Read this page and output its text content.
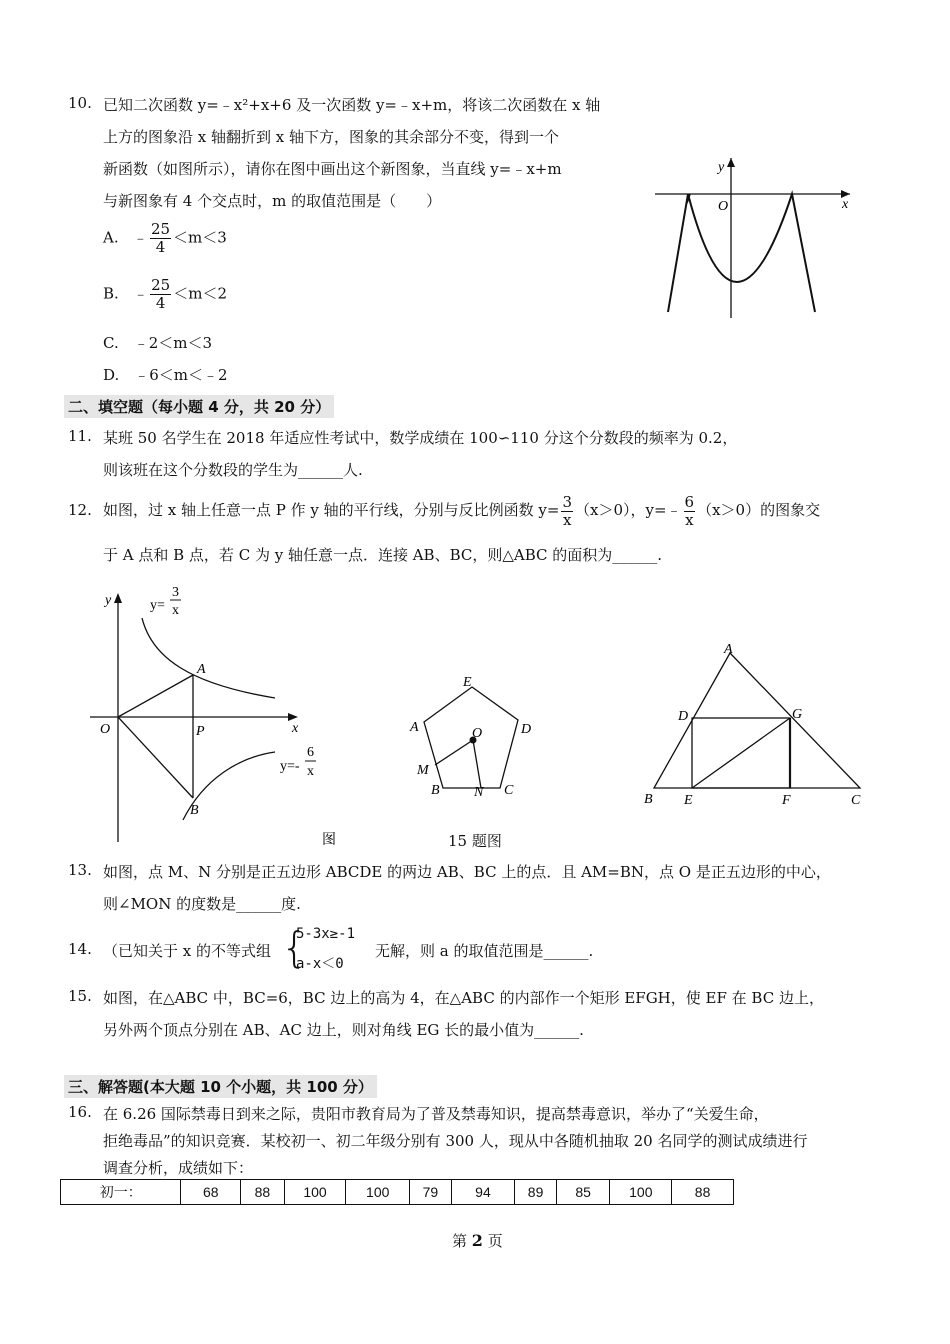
10. 已知二次函数 y=﹣x²+x+6 及一次函数 y=﹣x+m，将该二次函数在 x 轴
上方的图象沿 x 轴翻折到 x 轴下方，图象的其余部分不变，得到一个
新函数（如图所示），请你在图中画出这个新图象，当直线 y=﹣x+m
与新图象有 4 个交点时，m 的取值范围是（　　）
A. ﹣ $\frac{25}{4} <m<3$
B. ﹣ $\frac{25}{4} <m<2$
C.　﹣2＜m＜3
D.　﹣6＜m＜﹣2
y
x
O
二、填空题（每小题 4 分，共 20 分）
11. 某班 50 名学生在 2018 年适应性考试中，数学成绩在 100∽110 分这个分数段的频率为 0.2，
则该班在这个分数段的学生为______人.
12. 如图，过 x 轴上任意一点 P 作 y 轴的平行线，分别与反比例函数 $y= \frac{3}{x} (x>0)$，y=﹣ $\frac{6}{x} (x>0)$的图象交
于 A 点和 B 点，若 C 为 y 轴任意一点．连接 AB、BC，则△ABC 的面积为______.
y
x
O	P
A
B
y=
3
x
y=-
6
x
图
E
A	D
O
M
B N C
A
D	G
B E	F	C
15 题图
13. 如图，点 M、N 分别是正五边形 ABCDE 的两边 AB、BC 上的点．且 AM=BN，点 O 是正五边形的中心，
则∠MON 的度数是______度.
14. （已知关于 x 的不等式组 {
5-3x≥-1
a-x＜0
无解，则 a 的取值范围是______.
15. 如图，在△ABC 中，BC=6，BC 边上的高为 4，在△ABC 的内部作一个矩形 EFGH，使 EF 在 BC 边上，
另外两个顶点分别在 AB、AC 边上，则对角线 EG 长的最小值为______.
三、解答题(本大题 10 个小题，共 100 分）
16. 在 6.26 国际禁毒日到来之际，贵阳市教育局为了普及禁毒知识，提高禁毒意识，举办了“关爱生命，
拒绝毒品”的知识竞赛．某校初一、初二年级分别有 300 人，现从中各随机抽取 20 名同学的测试成绩进行
调查分析，成绩如下：
初一：	68	88	100	100	79	94	89	85	100	88
第 2 页
